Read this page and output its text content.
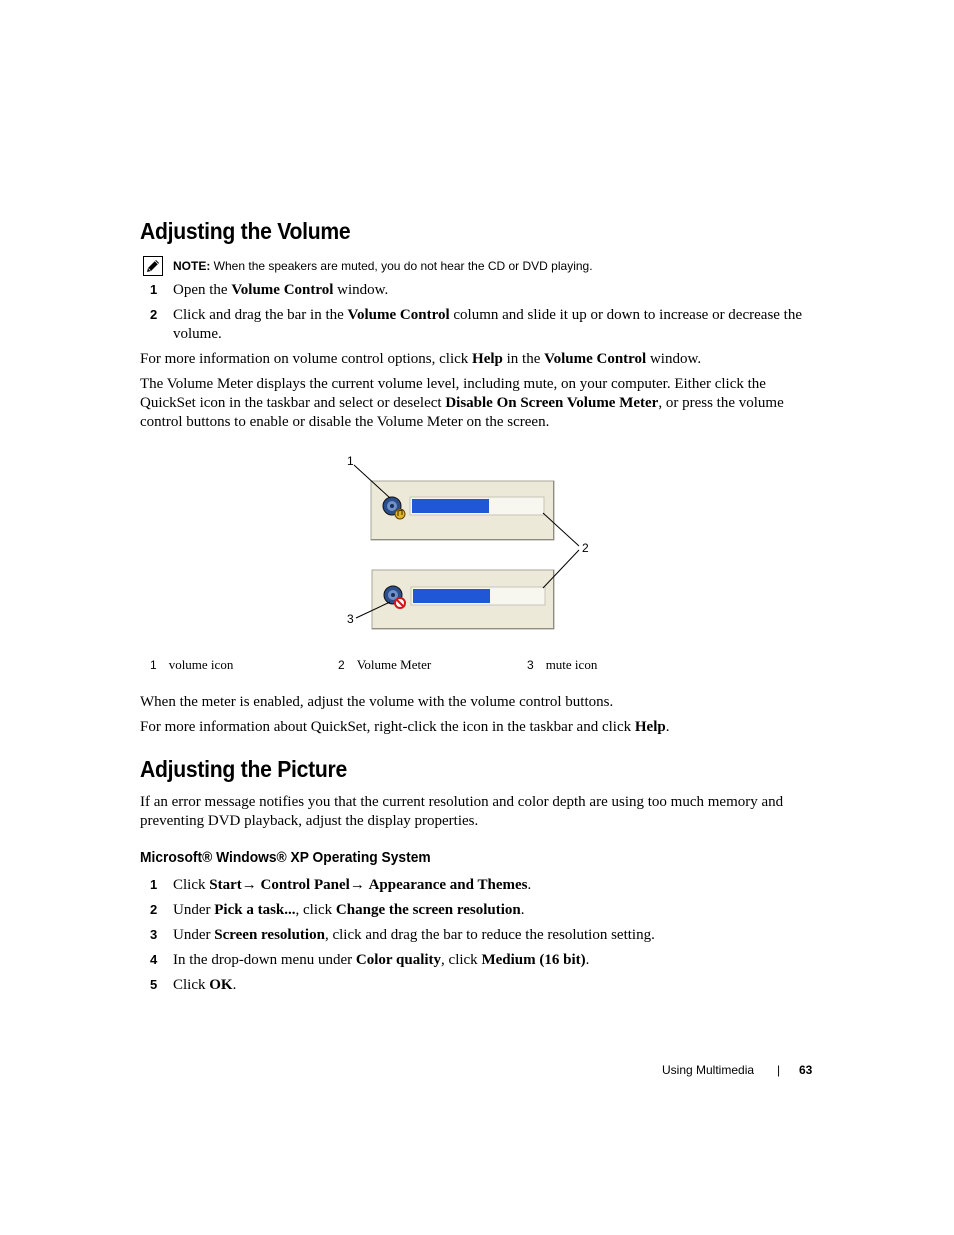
Adjusting the Volume
NOTE: When the speakers are muted, you do not hear the CD or DVD playing.
1 Open the Volume Control window.
2 Click and drag the bar in the Volume Control column and slide it up or down to increase or decrease the volume.
For more information on volume control options, click Help in the Volume Control window.
The Volume Meter displays the current volume level, including mute, on your computer. Either click the QuickSet icon in the taskbar and select or deselect Disable On Screen Volume Meter, or press the volume control buttons to enable or disable the Volume Meter on the screen.
1
2
3
1 volume icon	2 Volume Meter	3 mute icon
When the meter is enabled, adjust the volume with the volume control buttons.
For more information about QuickSet, right-click the icon in the taskbar and click Help.
Adjusting the Picture
If an error message notifies you that the current resolution and color depth are using too much memory and preventing DVD playback, adjust the display properties.
Microsoft® Windows® XP Operating System
1 Click Start→ Control Panel→ Appearance and Themes.
2 Under Pick a task..., click Change the screen resolution.
3 Under Screen resolution, click and drag the bar to reduce the resolution setting.
4 In the drop-down menu under Color quality, click Medium (16 bit).
5 Click OK.
Using Multimedia | 63
